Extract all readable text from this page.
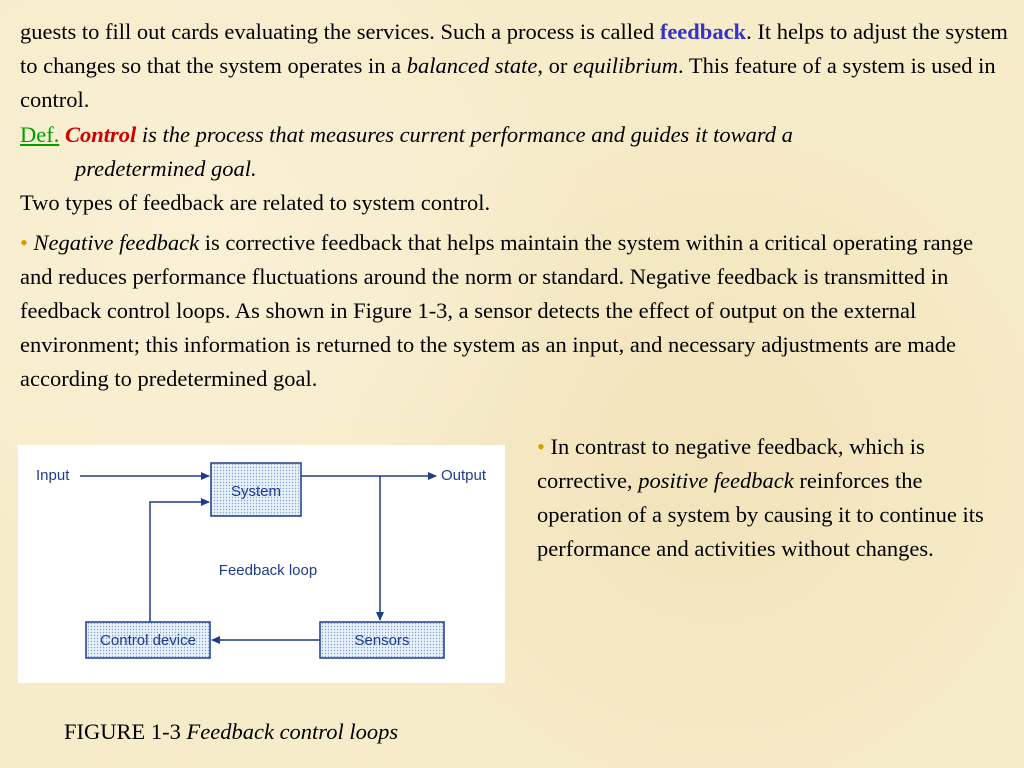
guests to fill out cards evaluating the services. Such a process is called feedback. It helps to adjust the system to changes so that the system operates in a balanced state, or equilibrium. This feature of a system is used in control.

Def. Control is the process that measures current performance and guides it toward a
predetermined goal.

Two types of feedback are related to system control.

• Negative feedback is corrective feedback that helps maintain the system within a critical operating range and reduces performance fluctuations around the norm or standard. Negative feedback is transmitted in feedback control loops. As shown in Figure 1-3, a sensor detects the effect of output on the external environment; this information is returned to the system as an input, and necessary adjustments are made according to predetermined goal.

• In contrast to negative feedback, which is corrective, positive feedback reinforces the operation of a system by causing it to continue its performance and activities without changes.

System
Control device	Sensors
Input	Output
Feedback loop

FIGURE 1-3 Feedback control loops
